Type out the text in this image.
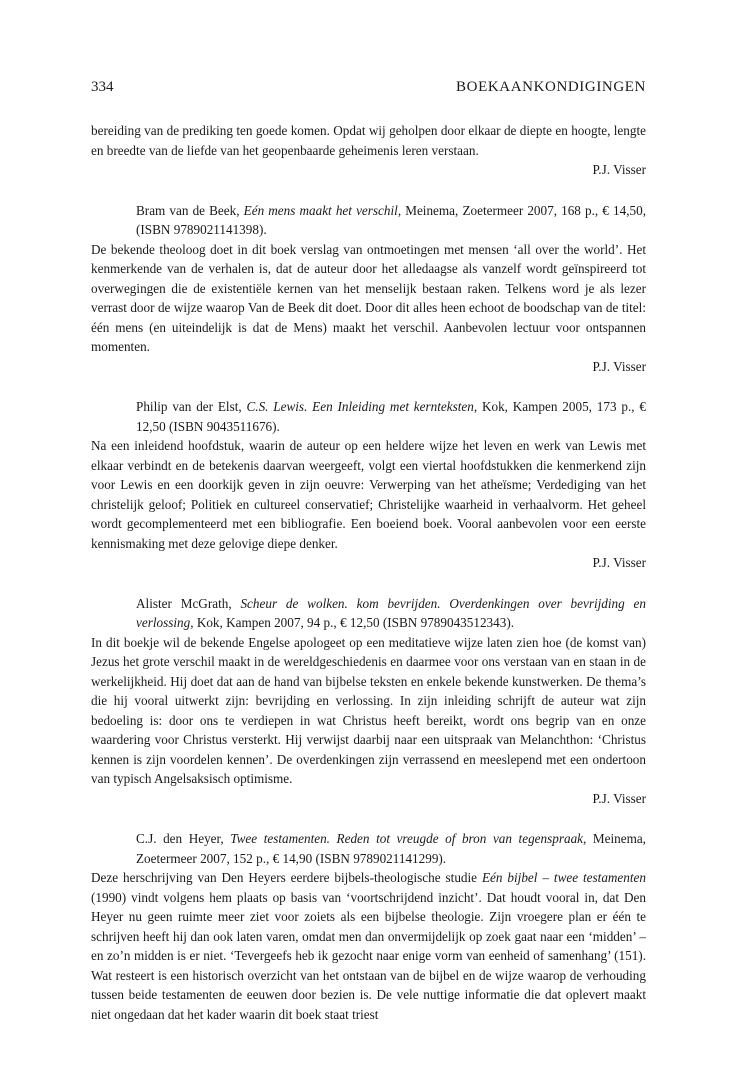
334	BOEKAANKONDIGINGEN

bereiding van de prediking ten goede komen. Opdat wij geholpen door elkaar de diepte en hoogte, lengte en breedte van de liefde van het geopenbaarde geheimenis leren verstaan.

P.J. Visser

Bram van de Beek, Eén mens maakt het verschil, Meinema, Zoetermeer 2007, 168 p., € 14,50, (ISBN 9789021141398).

De bekende theoloog doet in dit boek verslag van ontmoetingen met mensen ‘all over the world’. Het kenmerkende van de verhalen is, dat de auteur door het alledaagse als vanzelf wordt geïnspireerd tot overwegingen die de existentiële kernen van het menselijk bestaan raken. Telkens word je als lezer verrast door de wijze waarop Van de Beek dit doet. Door dit alles heen echoot de boodschap van de titel: één mens (en uiteindelijk is dat de Mens) maakt het verschil. Aanbevolen lectuur voor ontspannen momenten.

P.J. Visser

Philip van der Elst, C.S. Lewis. Een Inleiding met kernteksten, Kok, Kampen 2005, 173 p., € 12,50 (ISBN 9043511676).

Na een inleidend hoofdstuk, waarin de auteur op een heldere wijze het leven en werk van Lewis met elkaar verbindt en de betekenis daarvan weergeeft, volgt een viertal hoofdstukken die kenmerkend zijn voor Lewis en een doorkijk geven in zijn oeuvre: Verwerping van het atheïsme; Verdediging van het christelijk geloof; Politiek en cultureel conservatief; Christelijke waarheid in verhaalvorm. Het geheel wordt gecomplementeerd met een bibliografie. Een boeiend boek. Vooral aanbevolen voor een eerste kennismaking met deze gelovige diepe denker.

P.J. Visser

Alister McGrath, Scheur de wolken. kom bevrijden. Overdenkingen over bevrijding en verlossing, Kok, Kampen 2007, 94 p., € 12,50 (ISBN 9789043512343).

In dit boekje wil de bekende Engelse apologeet op een meditatieve wijze laten zien hoe (de komst van) Jezus het grote verschil maakt in de wereldgeschiedenis en daarmee voor ons verstaan van en staan in de werkelijkheid. Hij doet dat aan de hand van bijbelse teksten en enkele bekende kunstwerken. De thema’s die hij vooral uitwerkt zijn: bevrijding en verlossing. In zijn inleiding schrijft de auteur wat zijn bedoeling is: door ons te verdiepen in wat Christus heeft bereikt, wordt ons begrip van en onze waardering voor Christus versterkt. Hij verwijst daarbij naar een uitspraak van Melanchthon: ‘Christus kennen is zijn voordelen kennen’. De overdenkingen zijn verrassend en meeslepend met een ondertoon van typisch Angelsaksisch optimisme.

P.J. Visser

C.J. den Heyer, Twee testamenten. Reden tot vreugde of bron van tegenspraak, Meinema, Zoetermeer 2007, 152 p., € 14,90 (ISBN 9789021141299).

Deze herschrijving van Den Heyers eerdere bijbels-theologische studie Eén bijbel – twee testamenten (1990) vindt volgens hem plaats op basis van ‘voortschrijdend inzicht’. Dat houdt vooral in, dat Den Heyer nu geen ruimte meer ziet voor zoiets als een bijbelse theologie. Zijn vroegere plan er één te schrijven heeft hij dan ook laten varen, omdat men dan onvermijdelijk op zoek gaat naar een ‘midden’ – en zo’n midden is er niet. ‘Tevergeefs heb ik gezocht naar enige vorm van eenheid of samenhang’ (151). Wat resteert is een historisch overzicht van het ontstaan van de bijbel en de wijze waarop de verhouding tussen beide testamenten de eeuwen door bezien is. De vele nuttige informatie die dat oplevert maakt niet ongedaan dat het kader waarin dit boek staat triest
